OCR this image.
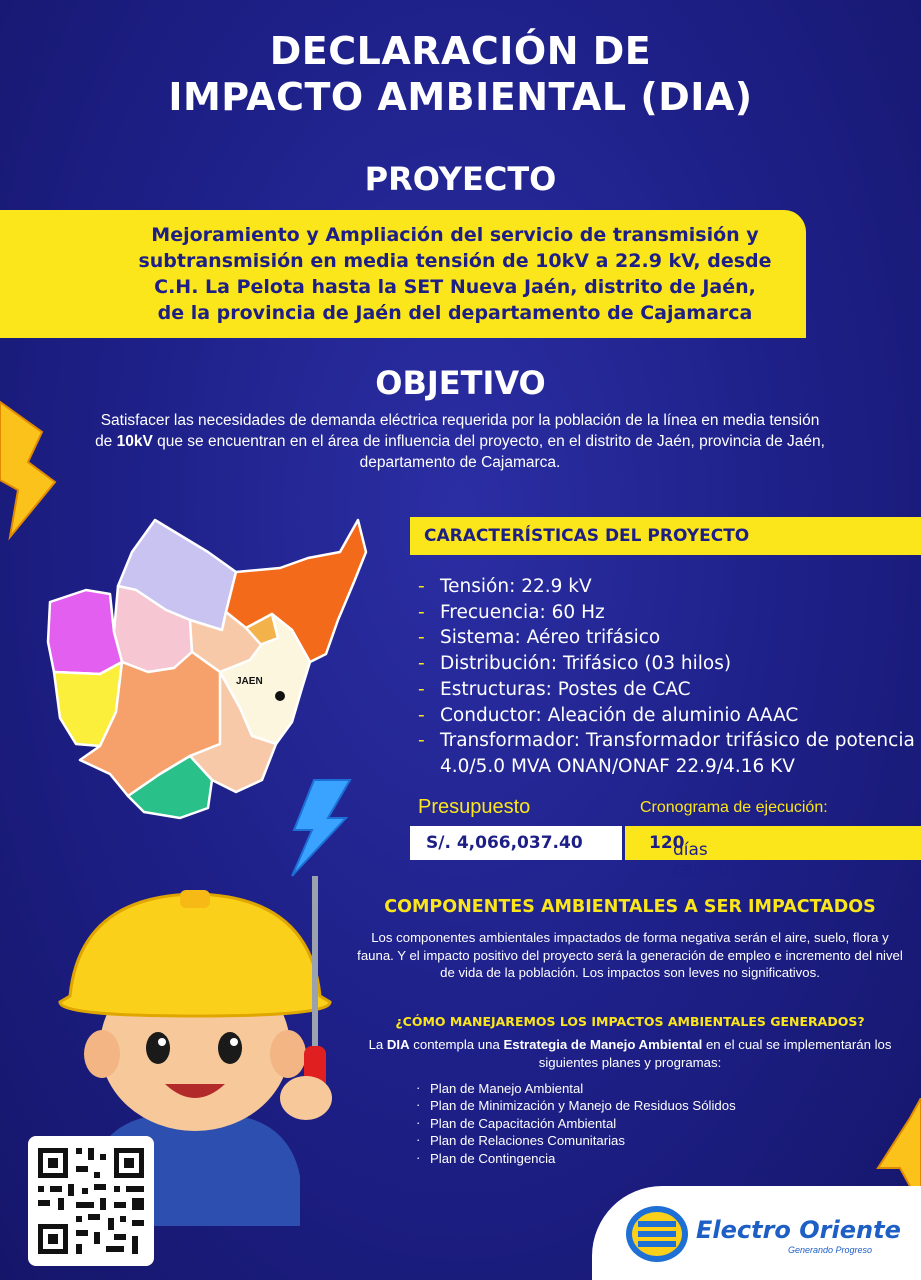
DECLARACIÓN DE
IMPACTO AMBIENTAL (DIA)
PROYECTO
Mejoramiento y Ampliación del servicio de transmisión y
subtransmisión en media tensión de 10kV a 22.9 kV, desde
C.H. La Pelota hasta la SET Nueva Jaén, distrito de Jaén,
de la provincia de Jaén del departamento de Cajamarca
OBJETIVO
Satisfacer las necesidades de demanda eléctrica requerida por la población de la línea en media tensión de 10kV que se encuentran en el área de influencia del proyecto, en el distrito de Jaén, provincia de Jaén, departamento de Cajamarca.
JAEN
CARACTERÍSTICAS DEL PROYECTO
- Tensión: 22.9 kV
- Frecuencia: 60 Hz
- Sistema: Aéreo trifásico
- Distribución: Trifásico (03 hilos)
- Estructuras: Postes de CAC
- Conductor: Aleación de aluminio AAAC
- Transformador: Transformador trifásico de potencia 4.0/5.0 MVA ONAN/ONAF 22.9/4.16 KV
Presupuesto	Cronograma de ejecución:
S/. 4,066,037.40	120
días calendarios
COMPONENTES AMBIENTALES A SER IMPACTADOS
Los componentes ambientales impactados de forma negativa serán el aire, suelo, flora y fauna. Y el impacto positivo del proyecto será la generación de empleo e incremento del nivel de vida de la población. Los impactos son leves no significativos.
¿CÓMO MANEJAREMOS LOS IMPACTOS AMBIENTALES GENERADOS?
La DIA contempla una Estrategia de Manejo Ambiental en el cual se implementarán los siguientes planes y programas:
· Plan de Manejo Ambiental
· Plan de Minimización y Manejo de Residuos Sólidos
· Plan de Capacitación Ambiental
· Plan de Relaciones Comunitarias
· Plan de Contingencia
Electro Oriente
Generando Progreso
